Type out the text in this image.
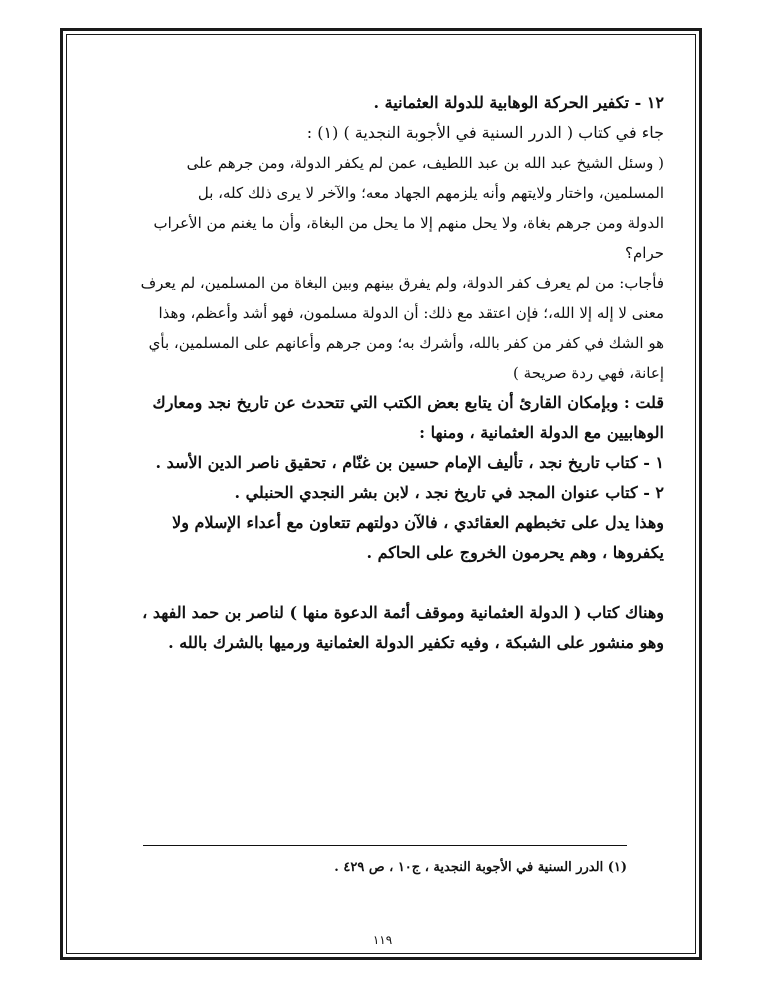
١٢ - تكفير الحركة الوهابية للدولة العثمانية .
جاء في كتاب ( الدرر السنية في الأجوبة النجدية ) (١) :
( وسئل الشيخ عبد الله بن عبد اللطيف، عمن لم يكفر الدولة، ومن جرهم على
المسلمين، واختار ولايتهم وأنه يلزمهم الجهاد معه؛ والآخر لا يرى ذلك كله، بل
الدولة ومن جرهم بغاة، ولا يحل منهم إلا ما يحل من البغاة، وأن ما يغنم من الأعراب
حرام؟
فأجاب: من لم يعرف كفر الدولة، ولم يفرق بينهم وبين البغاة من المسلمين، لم يعرف
معنى لا إله إلا الله،؛ فإن اعتقد مع ذلك: أن الدولة مسلمون، فهو أشد وأعظم، وهذا
هو الشك في كفر من كفر بالله، وأشرك به؛ ومن جرهم وأعانهم على المسلمين، بأي
إعانة، فهي ردة صريحة )
قلت : وبإمكان القارئ أن يتابع بعض الكتب التي تتحدث عن تاريخ نجد ومعارك
الوهابيين مع الدولة العثمانية ، ومنها :
١ - كتاب تاريخ نجد ، تأليف الإمام حسين بن غنّام ، تحقيق ناصر الدين الأسد .
٢ - كتاب عنوان المجد في تاريخ نجد ، لابن بشر النجدي الحنبلي .
وهذا يدل على تخبطهم العقائدي ، فالآن دولتهم تتعاون مع أعداء الإسلام ولا
يكفروها ، وهم يحرمون الخروج على الحاكم .
وهناك كتاب ( الدولة العثمانية وموقف أئمة الدعوة منها ) لناصر بن حمد الفهد ،
وهو منشور على الشبكة ، وفيه تكفير الدولة العثمانية ورميها بالشرك بالله .
(١) الدرر السنية في الأجوبة النجدية ، ج١٠ ، ص ٤٢٩ .
١١٩
